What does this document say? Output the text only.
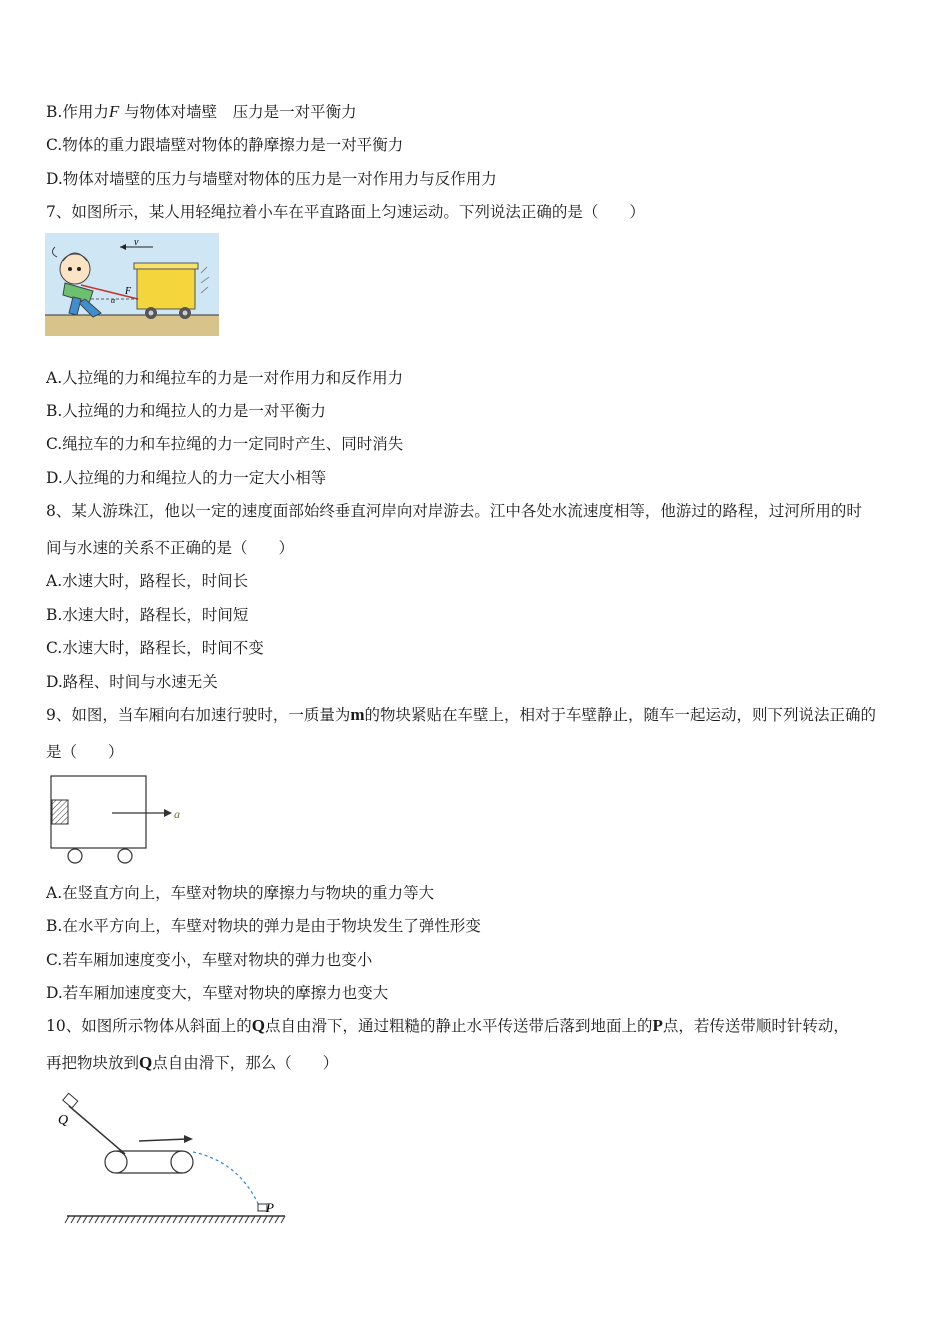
B.作用力F 与物体对墙壁　压力是一对平衡力
C.物体的重力跟墙壁对物体的静摩擦力是一对平衡力
D.物体对墙壁的压力与墙壁对物体的压力是一对作用力与反作用力
7、如图所示，某人用轻绳拉着小车在平直路面上匀速运动。下列说法正确的是（　　）
v
F
α
A.人拉绳的力和绳拉车的力是一对作用力和反作用力
B.人拉绳的力和绳拉人的力是一对平衡力
C.绳拉车的力和车拉绳的力一定同时产生、同时消失
D.人拉绳的力和绳拉人的力一定大小相等
8、某人游珠江，他以一定的速度面部始终垂直河岸向对岸游去。江中各处水流速度相等，他游过的路程，过河所用的时
间与水速的关系不正确的是（　　）
A.水速大时，路程长，时间长
B.水速大时，路程长，时间短
C.水速大时，路程长，时间不变
D.路程、时间与水速无关
9、如图，当车厢向右加速行驶时，一质量为m的物块紧贴在车壁上，相对于车壁静止，随车一起运动，则下列说法正确的
是（　　）
a
A.在竖直方向上，车壁对物块的摩擦力与物块的重力等大
B.在水平方向上，车壁对物块的弹力是由于物块发生了弹性形变
C.若车厢加速度变小，车壁对物块的弹力也变小
D.若车厢加速度变大，车壁对物块的摩擦力也变大
10、如图所示物体从斜面上的Q点自由滑下，通过粗糙的静止水平传送带后落到地面上的P点，若传送带顺时针转动，
再把物块放到Q点自由滑下，那么（　　）
Q
P
